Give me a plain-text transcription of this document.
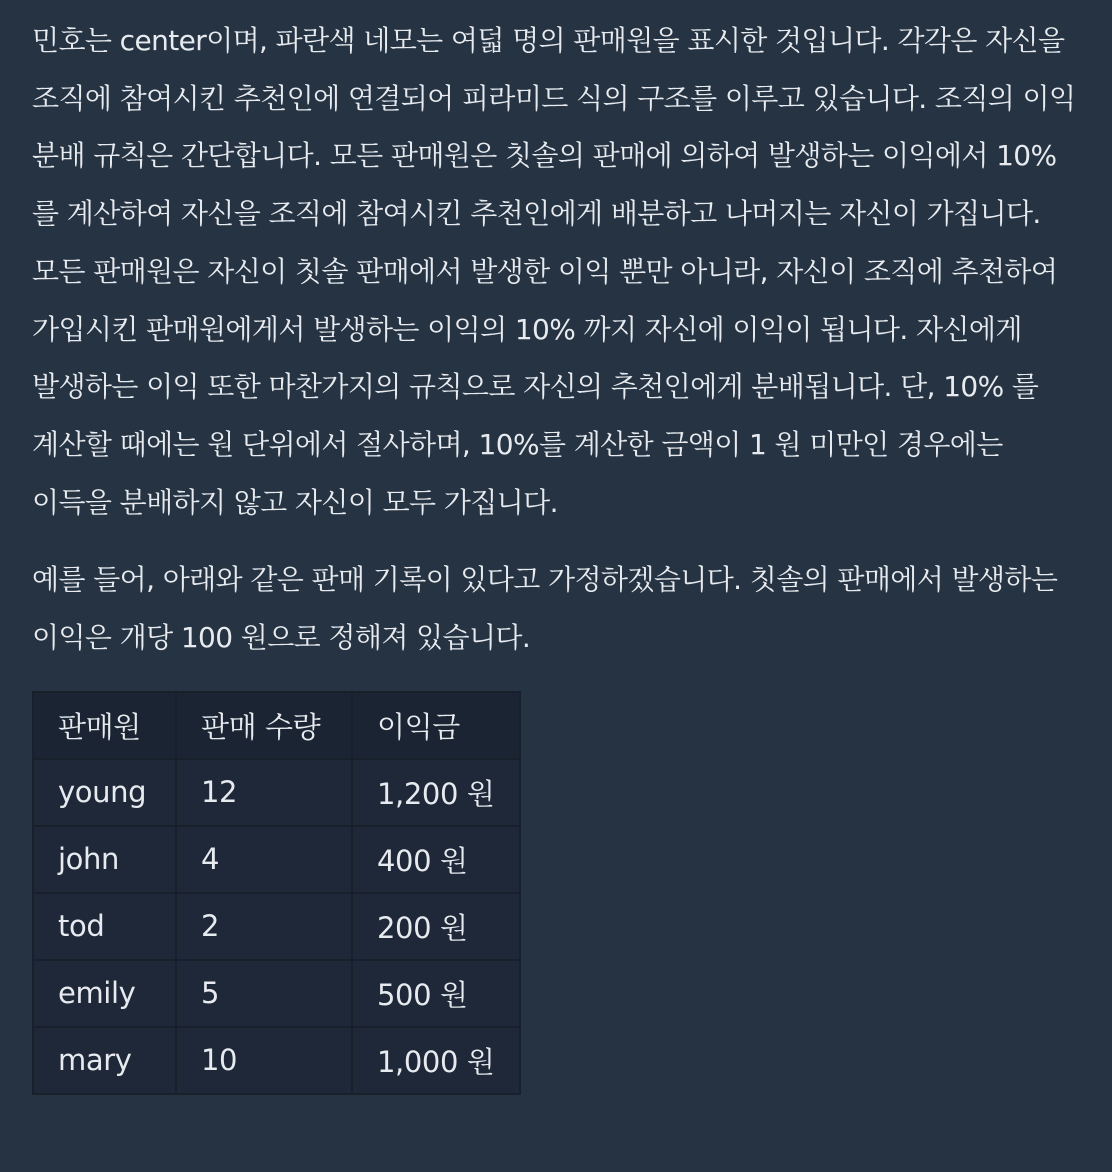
민호는 center이며, 파란색 네모는 여덟 명의 판매원을 표시한 것입니다. 각각은 자신을 조직에 참여시킨 추천인에 연결되어 피라미드 식의 구조를 이루고 있습니다. 조직의 이익 분배 규칙은 간단합니다. 모든 판매원은 칫솔의 판매에 의하여 발생하는 이익에서 10% 를 계산하여 자신을 조직에 참여시킨 추천인에게 배분하고 나머지는 자신이 가집니다. 모든 판매원은 자신이 칫솔 판매에서 발생한 이익 뿐만 아니라, 자신이 조직에 추천하여 가입시킨 판매원에게서 발생하는 이익의 10% 까지 자신에 이익이 됩니다. 자신에게 발생하는 이익 또한 마찬가지의 규칙으로 자신의 추천인에게 분배됩니다. 단, 10% 를 계산할 때에는 원 단위에서 절사하며, 10%를 계산한 금액이 1 원 미만인 경우에는 이득을 분배하지 않고 자신이 모두 가집니다.

예를 들어, 아래와 같은 판매 기록이 있다고 가정하겠습니다. 칫솔의 판매에서 발생하는 이익은 개당 100 원으로 정해져 있습니다.

판매원	판매 수량	이익금
young	12	1,200 원
john	4	400 원
tod	2	200 원
emily	5	500 원
mary	10	1,000 원
